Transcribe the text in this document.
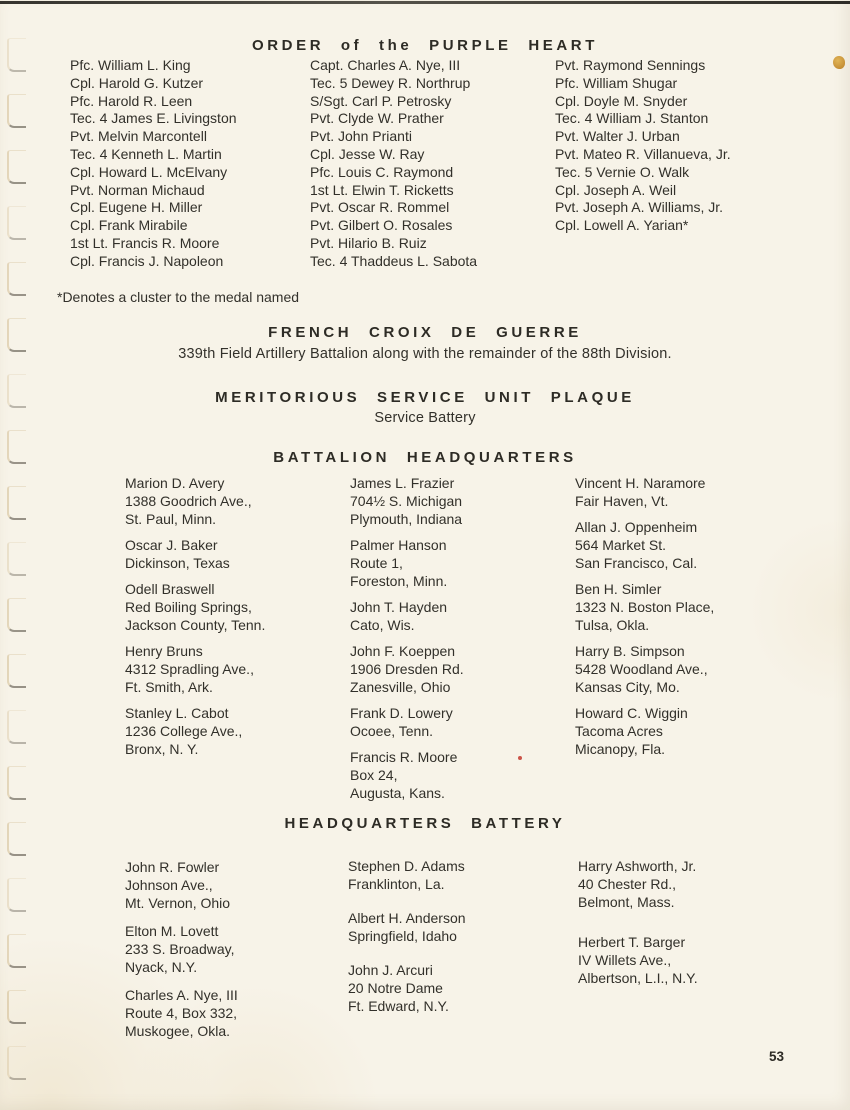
ORDER of the PURPLE HEART
Pfc. William L. King
Cpl. Harold G. Kutzer
Pfc. Harold R. Leen
Tec. 4 James E. Livingston
Pvt. Melvin Marcontell
Tec. 4 Kenneth L. Martin
Cpl. Howard L. McElvany
Pvt. Norman Michaud
Cpl. Eugene H. Miller
Cpl. Frank Mirabile
1st Lt. Francis R. Moore
Cpl. Francis J. Napoleon
Capt. Charles A. Nye, III
Tec. 5 Dewey R. Northrup
S/Sgt. Carl P. Petrosky
Pvt. Clyde W. Prather
Pvt. John Prianti
Cpl. Jesse W. Ray
Pfc. Louis C. Raymond
1st Lt. Elwin T. Ricketts
Pvt. Oscar R. Rommel
Pvt. Gilbert O. Rosales
Pvt. Hilario B. Ruiz
Tec. 4 Thaddeus L. Sabota
Pvt. Raymond Sennings
Pfc. William Shugar
Cpl. Doyle M. Snyder
Tec. 4 William J. Stanton
Pvt. Walter J. Urban
Pvt. Mateo R. Villanueva, Jr.
Tec. 5 Vernie O. Walk
Cpl. Joseph A. Weil
Pvt. Joseph A. Williams, Jr.
Cpl. Lowell A. Yarian*
*Denotes a cluster to the medal named
FRENCH CROIX DE GUERRE
339th Field Artillery Battalion along with the remainder of the 88th Division.
MERITORIOUS SERVICE UNIT PLAQUE
Service Battery
BATTALION HEADQUARTERS
Marion D. Avery
1388 Goodrich Ave.,
St. Paul, Minn.
Oscar J. Baker
Dickinson, Texas
Odell Braswell
Red Boiling Springs,
Jackson County, Tenn.
Henry Bruns
4312 Spradling Ave.,
Ft. Smith, Ark.
Stanley L. Cabot
1236 College Ave.,
Bronx, N. Y.
James L. Frazier
704½ S. Michigan
Plymouth, Indiana
Palmer Hanson
Route 1,
Foreston, Minn.
John T. Hayden
Cato, Wis.
John F. Koeppen
1906 Dresden Rd.
Zanesville, Ohio
Frank D. Lowery
Ocoee, Tenn.
Francis R. Moore
Box 24,
Augusta, Kans.
Vincent H. Naramore
Fair Haven, Vt.
Allan J. Oppenheim
564 Market St.
San Francisco, Cal.
Ben H. Simler
1323 N. Boston Place,
Tulsa, Okla.
Harry B. Simpson
5428 Woodland Ave.,
Kansas City, Mo.
Howard C. Wiggin
Tacoma Acres
Micanopy, Fla.
HEADQUARTERS BATTERY
John R. Fowler
Johnson Ave.,
Mt. Vernon, Ohio
Elton M. Lovett
233 S. Broadway,
Nyack, N.Y.
Charles A. Nye, III
Route 4, Box 332,
Muskogee, Okla.
Stephen D. Adams
Franklinton, La.
Albert H. Anderson
Springfield, Idaho
John J. Arcuri
20 Notre Dame
Ft. Edward, N.Y.
Harry Ashworth, Jr.
40 Chester Rd.,
Belmont, Mass.
Herbert T. Barger
IV Willets Ave.,
Albertson, L.I., N.Y.
53
